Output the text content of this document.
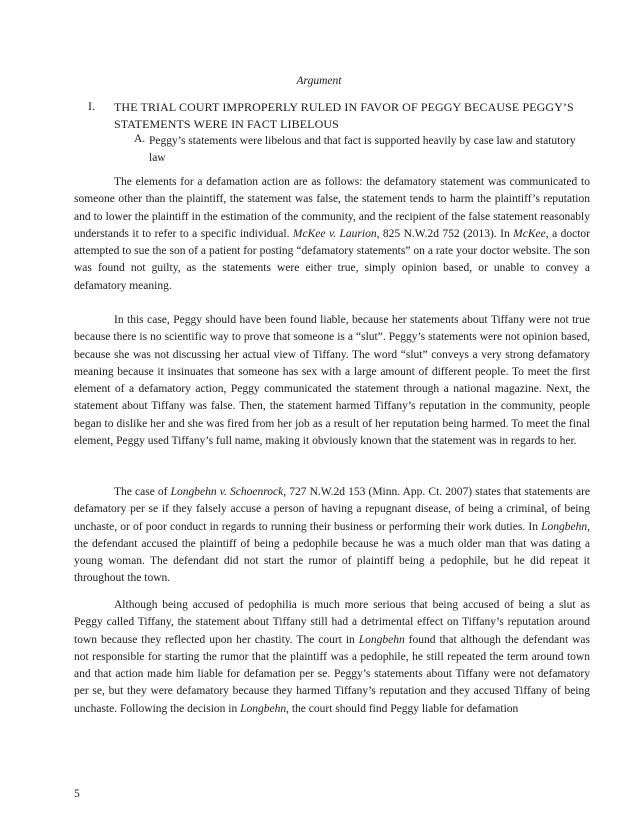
Argument
I. THE TRIAL COURT IMPROPERLY RULED IN FAVOR OF PEGGY BECAUSE PEGGY’S STATEMENTS WERE IN FACT LIBELOUS
A. Peggy’s statements were libelous and that fact is supported heavily by case law and statutory law

The elements for a defamation action are as follows: the defamatory statement was communicated to someone other than the plaintiff, the statement was false, the statement tends to harm the plaintiff’s reputation and to lower the plaintiff in the estimation of the community, and the recipient of the false statement reasonably understands it to refer to a specific individual. McKee v. Laurion, 825 N.W.2d 752 (2013). In McKee, a doctor attempted to sue the son of a patient for posting “defamatory statements” on a rate your doctor website. The son was found not guilty, as the statements were either true, simply opinion based, or unable to convey a defamatory meaning.

In this case, Peggy should have been found liable, because her statements about Tiffany were not true because there is no scientific way to prove that someone is a “slut”. Peggy’s statements were not opinion based, because she was not discussing her actual view of Tiffany. The word “slut” conveys a very strong defamatory meaning because it insinuates that someone has sex with a large amount of different people. To meet the first element of a defamatory action, Peggy communicated the statement through a national magazine. Next, the statement about Tiffany was false. Then, the statement harmed Tiffany’s reputation in the community, people began to dislike her and she was fired from her job as a result of her reputation being harmed. To meet the final element, Peggy used Tiffany’s full name, making it obviously known that the statement was in regards to her.

The case of Longbehn v. Schoenrock, 727 N.W.2d 153 (Minn. App. Ct. 2007) states that statements are defamatory per se if they falsely accuse a person of having a repugnant disease, of being a criminal, of being unchaste, or of poor conduct in regards to running their business or performing their work duties. In Longbehn, the defendant accused the plaintiff of being a pedophile because he was a much older man that was dating a young woman. The defendant did not start the rumor of plaintiff being a pedophile, but he did repeat it throughout the town.

Although being accused of pedophilia is much more serious that being accused of being a slut as Peggy called Tiffany, the statement about Tiffany still had a detrimental effect on Tiffany’s reputation around town because they reflected upon her chastity. The court in Longbehn found that although the defendant was not responsible for starting the rumor that the plaintiff was a pedophile, he still repeated the term around town and that action made him liable for defamation per se. Peggy’s statements about Tiffany were not defamatory per se, but they were defamatory because they harmed Tiffany’s reputation and they accused Tiffany of being unchaste. Following the decision in Longbehn, the court should find Peggy liable for defamation

5
